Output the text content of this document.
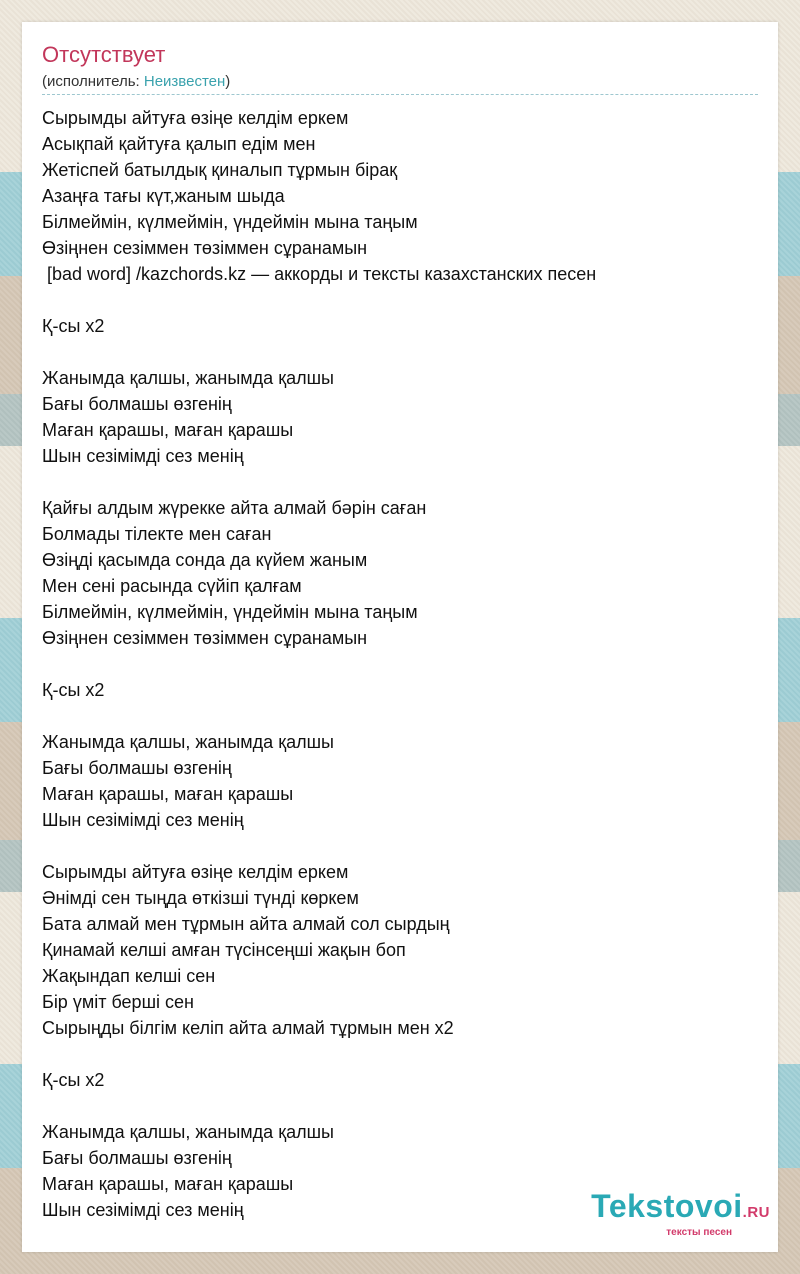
Отсутствует
(исполнитель: Неизвестен)
Сырымды айтуға өзіңе келдім еркем
Асықпай қайтуға қалып едім мен
Жетіспей батылдық қиналып тұрмын бірақ
Азаңға тағы күт,жаным шыда
Білмеймін, күлмеймін, үндеймін мына таңым
Өзіңнен сезіммен төзіммен сұранамын
[bad word] /kazchords.kz — аккорды и тексты казахстанских песен
Қ-сы х2
Жанымда қалшы, жанымда қалшы
Бағы болмашы өзгенің
Маған қарашы, маған қарашы
Шын сезімімді сез менің
Қайғы алдым жүрекке айта алмай бәрін саған
Болмады тілекте мен саған
Өзіңді қасымда сонда да күйем жаным
Мен сені расында сүйіп қалғам
Білмеймін, күлмеймін, үндеймін мына таңым
Өзіңнен сезіммен төзіммен сұранамын
Қ-сы х2
Жанымда қалшы, жанымда қалшы
Бағы болмашы өзгенің
Маған қарашы, маған қарашы
Шын сезімімді сез менің
Сырымды айтуға өзіңе келдім еркем
Әнімді сен тыңда өткізші түнді көркем
Бата алмай мен тұрмын айта алмай сол сырдың
Қинамай келші амған түсінсеңші жақын боп
Жақындап келші сен
Бір үміт берші сен
Сырыңды білгім келіп айта алмай тұрмын мен х2
Қ-сы х2
Жанымда қалшы, жанымда қалшы
Бағы болмашы өзгенің
Маған қарашы, маған қарашы
Шын сезімімді сез менің	Tekstovoi.RU
тексты песен
